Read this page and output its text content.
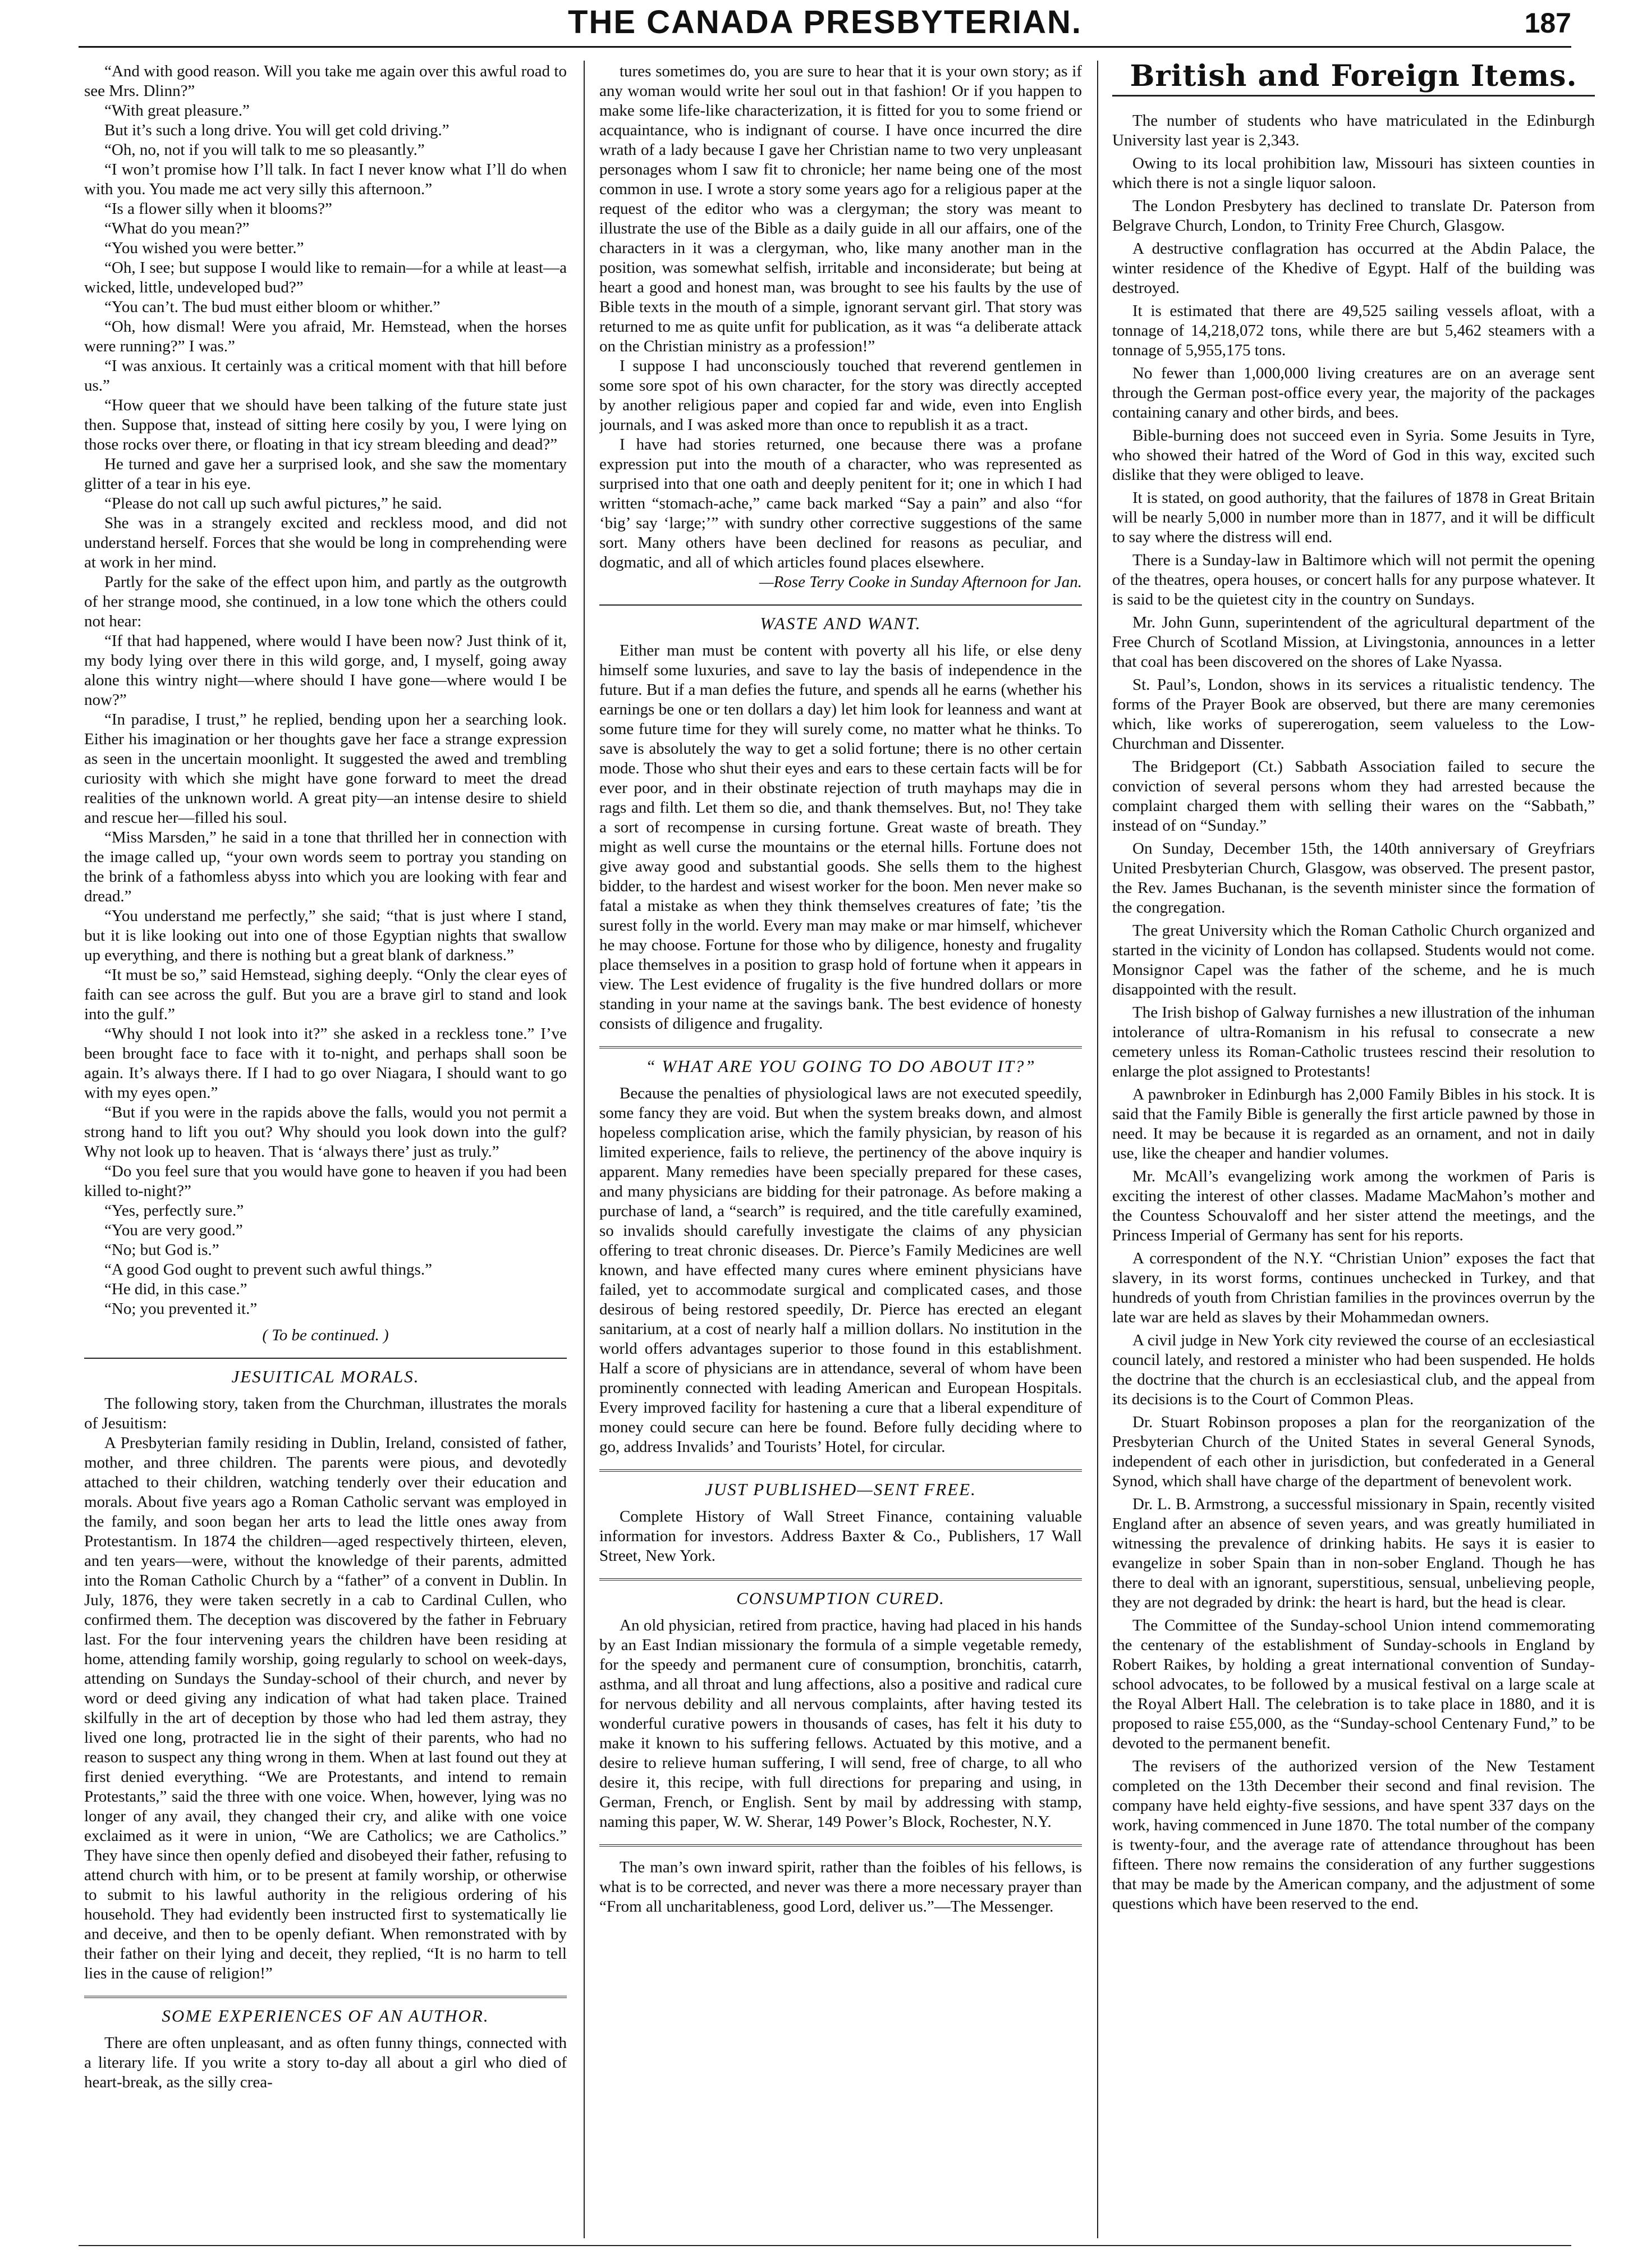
THE CANADA PRESBYTERIAN.	187

“And with good reason. Will you take me again over this awful road to see Mrs. Dlinn?”

“With great pleasure.”

But it’s such a long drive. You will get cold driving.”

“Oh, no, not if you will talk to me so pleasantly.”

“I won’t promise how I’ll talk. In fact I never know what I’ll do when with you. You made me act very silly this afternoon.”

“Is a flower silly when it blooms?”

“What do you mean?”

“You wished you were better.”

“Oh, I see; but suppose I would like to remain—for a while at least—a wicked, little, undeveloped bud?”

“You can’t. The bud must either bloom or whither.”

“Oh, how dismal! Were you afraid, Mr. Hemstead, when the horses were running?” I was.”

“I was anxious. It certainly was a critical moment with that hill before us.”

“How queer that we should have been talking of the future state just then. Suppose that, instead of sitting here cosily by you, I were lying on those rocks over there, or floating in that icy stream bleeding and dead?”

He turned and gave her a surprised look, and she saw the momentary glitter of a tear in his eye.

“Please do not call up such awful pictures,” he said.

She was in a strangely excited and reckless mood, and did not understand herself. Forces that she would be long in comprehending were at work in her mind.

Partly for the sake of the effect upon him, and partly as the outgrowth of her strange mood, she continued, in a low tone which the others could not hear:

“If that had happened, where would I have been now? Just think of it, my body lying over there in this wild gorge, and, I myself, going away alone this wintry night—where should I have gone—where would I be now?”

“In paradise, I trust,” he replied, bending upon her a searching look. Either his imagination or her thoughts gave her face a strange expression as seen in the uncertain moonlight. It suggested the awed and trembling curiosity with which she might have gone forward to meet the dread realities of the unknown world. A great pity—an intense desire to shield and rescue her—filled his soul.

“Miss Marsden,” he said in a tone that thrilled her in connection with the image called up, “your own words seem to portray you standing on the brink of a fathomless abyss into which you are looking with fear and dread.”

“You understand me perfectly,” she said; “that is just where I stand, but it is like looking out into one of those Egyptian nights that swallow up everything, and there is nothing but a great blank of darkness.”

“It must be so,” said Hemstead, sighing deeply. “Only the clear eyes of faith can see across the gulf. But you are a brave girl to stand and look into the gulf.”

“Why should I not look into it?” she asked in a reckless tone.” I’ve been brought face to face with it to-night, and perhaps shall soon be again. It’s always there. If I had to go over Niagara, I should want to go with my eyes open.”

“But if you were in the rapids above the falls, would you not permit a strong hand to lift you out? Why should you look down into the gulf? Why not look up to heaven. That is ‘always there’ just as truly.”

“Do you feel sure that you would have gone to heaven if you had been killed to-night?”

“Yes, perfectly sure.”

“You are very good.”

“No; but God is.”

“A good God ought to prevent such awful things.”

“He did, in this case.”

“No; you prevented it.”

( To be continued. )
JESUITICAL MORALS.

The following story, taken from the Churchman, illustrates the morals of Jesuitism:

A Presbyterian family residing in Dublin, Ireland, consisted of father, mother, and three children. The parents were pious, and devotedly attached to their children, watching tenderly over their education and morals. About five years ago a Roman Catholic servant was employed in the family, and soon began her arts to lead the little ones away from Protestantism. In 1874 the children—aged respectively thirteen, eleven, and ten years—were, without the knowledge of their parents, admitted into the Roman Catholic Church by a “father” of a convent in Dublin. In July, 1876, they were taken secretly in a cab to Cardinal Cullen, who confirmed them. The deception was discovered by the father in February last. For the four intervening years the children have been residing at home, attending family worship, going regularly to school on week-days, attending on Sundays the Sunday-school of their church, and never by word or deed giving any indication of what had taken place. Trained skilfully in the art of deception by those who had led them astray, they lived one long, protracted lie in the sight of their parents, who had no reason to suspect any thing wrong in them. When at last found out they at first denied everything. “We are Protestants, and intend to remain Protestants,” said the three with one voice. When, however, lying was no longer of any avail, they changed their cry, and alike with one voice exclaimed as it were in union, “We are Catholics; we are Catholics.” They have since then openly defied and disobeyed their father, refusing to attend church with him, or to be present at family worship, or otherwise to submit to his lawful authority in the religious ordering of his household. They had evidently been instructed first to systematically lie and deceive, and then to be openly defiant. When remonstrated with by their father on their lying and deceit, they replied, “It is no harm to tell lies in the cause of religion!”

SOME EXPERIENCES OF AN AUTHOR.

There are often unpleasant, and as often funny things, connected with a literary life. If you write a story to-day all about a girl who died of heart-break, as the silly crea-

tures sometimes do, you are sure to hear that it is your own story; as if any woman would write her soul out in that fashion! Or if you happen to make some life-like characterization, it is fitted for you to some friend or acquaintance, who is indignant of course. I have once incurred the dire wrath of a lady because I gave her Christian name to two very unpleasant personages whom I saw fit to chronicle; her name being one of the most common in use. I wrote a story some years ago for a religious paper at the request of the editor who was a clergyman; the story was meant to illustrate the use of the Bible as a daily guide in all our affairs, one of the characters in it was a clergyman, who, like many another man in the position, was somewhat selfish, irritable and inconsiderate; but being at heart a good and honest man, was brought to see his faults by the use of Bible texts in the mouth of a simple, ignorant servant girl. That story was returned to me as quite unfit for publication, as it was “a deliberate attack on the Christian ministry as a profession!”

I suppose I had unconsciously touched that reverend gentlemen in some sore spot of his own character, for the story was directly accepted by another religious paper and copied far and wide, even into English journals, and I was asked more than once to republish it as a tract.

I have had stories returned, one because there was a profane expression put into the mouth of a character, who was represented as surprised into that one oath and deeply penitent for it; one in which I had written “stomach-ache,” came back marked “Say a pain” and also “for ‘big’ say ‘large;’” with sundry other corrective suggestions of the same sort. Many others have been declined for reasons as peculiar, and dogmatic, and all of which articles found places elsewhere.

—Rose Terry Cooke in Sunday Afternoon for Jan.

WASTE AND WANT.

Either man must be content with poverty all his life, or else deny himself some luxuries, and save to lay the basis of independence in the future. But if a man defies the future, and spends all he earns (whether his earnings be one or ten dollars a day) let him look for leanness and want at some future time for they will surely come, no matter what he thinks. To save is absolutely the way to get a solid fortune; there is no other certain mode. Those who shut their eyes and ears to these certain facts will be for ever poor, and in their obstinate rejection of truth mayhaps may die in rags and filth. Let them so die, and thank themselves. But, no! They take a sort of recompense in cursing fortune. Great waste of breath. They might as well curse the mountains or the eternal hills. Fortune does not give away good and substantial goods. She sells them to the highest bidder, to the hardest and wisest worker for the boon. Men never make so fatal a mistake as when they think themselves creatures of fate; ’tis the surest folly in the world. Every man may make or mar himself, whichever he may choose. Fortune for those who by diligence, honesty and frugality place themselves in a position to grasp hold of fortune when it appears in view. The Lest evidence of frugality is the five hundred dollars or more standing in your name at the savings bank. The best evidence of honesty consists of diligence and frugality.

“ WHAT ARE YOU GOING TO DO ABOUT IT?”

Because the penalties of physiological laws are not executed speedily, some fancy they are void. But when the system breaks down, and almost hopeless complication arise, which the family physician, by reason of his limited experience, fails to relieve, the pertinency of the above inquiry is apparent. Many remedies have been specially prepared for these cases, and many physicians are bidding for their patronage. As before making a purchase of land, a “search” is required, and the title carefully examined, so invalids should carefully investigate the claims of any physician offering to treat chronic diseases. Dr. Pierce’s Family Medicines are well known, and have effected many cures where eminent physicians have failed, yet to accommodate surgical and complicated cases, and those desirous of being restored speedily, Dr. Pierce has erected an elegant sanitarium, at a cost of nearly half a million dollars. No institution in the world offers advantages superior to those found in this establishment. Half a score of physicians are in attendance, several of whom have been prominently connected with leading American and European Hospitals. Every improved facility for hastening a cure that a liberal expenditure of money could secure can here be found. Before fully deciding where to go, address Invalids’ and Tourists’ Hotel, for circular.

JUST PUBLISHED—SENT FREE.

Complete History of Wall Street Finance, containing valuable information for investors. Address Baxter & Co., Publishers, 17 Wall Street, New York.

CONSUMPTION CURED.

An old physician, retired from practice, having had placed in his hands by an East Indian missionary the formula of a simple vegetable remedy, for the speedy and permanent cure of consumption, bronchitis, catarrh, asthma, and all throat and lung affections, also a positive and radical cure for nervous debility and all nervous complaints, after having tested its wonderful curative powers in thousands of cases, has felt it his duty to make it known to his suffering fellows. Actuated by this motive, and a desire to relieve human suffering, I will send, free of charge, to all who desire it, this recipe, with full directions for preparing and using, in German, French, or English. Sent by mail by addressing with stamp, naming this paper, W. W. Sherar, 149 Power’s Block, Rochester, N.Y.

The man’s own inward spirit, rather than the foibles of his fellows, is what is to be corrected, and never was there a more necessary prayer than “From all uncharitableness, good Lord, deliver us.”—The Messenger.

British and Foreign Items.

The number of students who have matriculated in the Edinburgh University last year is 2,343.

Owing to its local prohibition law, Missouri has sixteen counties in which there is not a single liquor saloon.

The London Presbytery has declined to translate Dr. Paterson from Belgrave Church, London, to Trinity Free Church, Glasgow.

A destructive conflagration has occurred at the Abdin Palace, the winter residence of the Khedive of Egypt. Half of the building was destroyed.

It is estimated that there are 49,525 sailing vessels afloat, with a tonnage of 14,218,072 tons, while there are but 5,462 steamers with a tonnage of 5,955,175 tons.

No fewer than 1,000,000 living creatures are on an average sent through the German post-office every year, the majority of the packages containing canary and other birds, and bees.

Bible-burning does not succeed even in Syria. Some Jesuits in Tyre, who showed their hatred of the Word of God in this way, excited such dislike that they were obliged to leave.

It is stated, on good authority, that the failures of 1878 in Great Britain will be nearly 5,000 in number more than in 1877, and it will be difficult to say where the distress will end.

There is a Sunday-law in Baltimore which will not permit the opening of the theatres, opera houses, or concert halls for any purpose whatever. It is said to be the quietest city in the country on Sundays.

Mr. John Gunn, superintendent of the agricultural department of the Free Church of Scotland Mission, at Livingstonia, announces in a letter that coal has been discovered on the shores of Lake Nyassa.

St. Paul’s, London, shows in its services a ritualistic tendency. The forms of the Prayer Book are observed, but there are many ceremonies which, like works of supererogation, seem valueless to the Low-Churchman and Dissenter.

The Bridgeport (Ct.) Sabbath Association failed to secure the conviction of several persons whom they had arrested because the complaint charged them with selling their wares on the “Sabbath,” instead of on “Sunday.”

On Sunday, December 15th, the 140th anniversary of Greyfriars United Presbyterian Church, Glasgow, was observed. The present pastor, the Rev. James Buchanan, is the seventh minister since the formation of the congregation.

The great University which the Roman Catholic Church organized and started in the vicinity of London has collapsed. Students would not come. Monsignor Capel was the father of the scheme, and he is much disappointed with the result.

The Irish bishop of Galway furnishes a new illustration of the inhuman intolerance of ultra-Romanism in his refusal to consecrate a new cemetery unless its Roman-Catholic trustees rescind their resolution to enlarge the plot assigned to Protestants!

A pawnbroker in Edinburgh has 2,000 Family Bibles in his stock. It is said that the Family Bible is generally the first article pawned by those in need. It may be because it is regarded as an ornament, and not in daily use, like the cheaper and handier volumes.

Mr. McAll’s evangelizing work among the workmen of Paris is exciting the interest of other classes. Madame MacMahon’s mother and the Countess Schouvaloff and her sister attend the meetings, and the Princess Imperial of Germany has sent for his reports.

A correspondent of the N.Y. “Christian Union” exposes the fact that slavery, in its worst forms, continues unchecked in Turkey, and that hundreds of youth from Christian families in the provinces overrun by the late war are held as slaves by their Mohammedan owners.

A civil judge in New York city reviewed the course of an ecclesiastical council lately, and restored a minister who had been suspended. He holds the doctrine that the church is an ecclesiastical club, and the appeal from its decisions is to the Court of Common Pleas.

Dr. Stuart Robinson proposes a plan for the reorganization of the Presbyterian Church of the United States in several General Synods, independent of each other in jurisdiction, but confederated in a General Synod, which shall have charge of the department of benevolent work.

Dr. L. B. Armstrong, a successful missionary in Spain, recently visited England after an absence of seven years, and was greatly humiliated in witnessing the prevalence of drinking habits. He says it is easier to evangelize in sober Spain than in non-sober England. Though he has there to deal with an ignorant, superstitious, sensual, unbelieving people, they are not degraded by drink: the heart is hard, but the head is clear.

The Committee of the Sunday-school Union intend commemorating the centenary of the establishment of Sunday-schools in England by Robert Raikes, by holding a great international convention of Sunday-school advocates, to be followed by a musical festival on a large scale at the Royal Albert Hall. The celebration is to take place in 1880, and it is proposed to raise £55,000, as the “Sunday-school Centenary Fund,” to be devoted to the permanent benefit.

The revisers of the authorized version of the New Testament completed on the 13th December their second and final revision. The company have held eighty-five sessions, and have spent 337 days on the work, having commenced in June 1870. The total number of the company is twenty-four, and the average rate of attendance throughout has been fifteen. There now remains the consideration of any further suggestions that may be made by the American company, and the adjustment of some questions which have been reserved to the end.
